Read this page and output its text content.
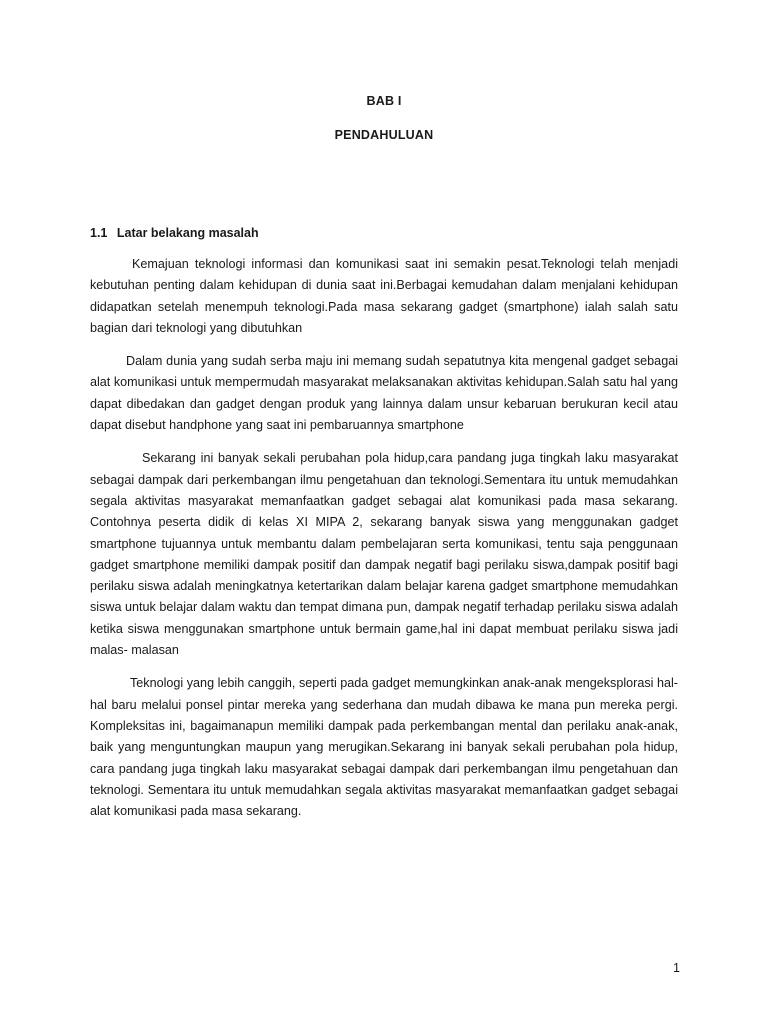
BAB I
PENDAHULUAN
1.1 Latar belakang masalah

Kemajuan teknologi informasi dan komunikasi saat ini semakin pesat.Teknologi telah menjadi kebutuhan penting dalam kehidupan di dunia saat ini.Berbagai kemudahan dalam menjalani kehidupan didapatkan setelah menempuh teknologi.Pada masa sekarang gadget (smartphone) ialah salah satu bagian dari teknologi yang dibutuhkan

Dalam dunia yang sudah serba maju ini memang sudah sepatutnya kita mengenal gadget sebagai alat komunikasi untuk mempermudah masyarakat melaksanakan aktivitas kehidupan.Salah satu hal yang dapat dibedakan dan gadget dengan produk yang lainnya dalam unsur kebaruan berukuran kecil atau dapat disebut handphone yang saat ini pembaruannya smartphone

Sekarang ini banyak sekali perubahan pola hidup,cara pandang juga tingkah laku masyarakat sebagai dampak dari perkembangan ilmu pengetahuan dan teknologi.Sementara itu untuk memudahkan segala aktivitas masyarakat memanfaatkan gadget sebagai alat komunikasi pada masa sekarang. Contohnya peserta didik di kelas XI MIPA 2, sekarang banyak siswa yang menggunakan gadget smartphone tujuannya untuk membantu dalam pembelajaran serta komunikasi, tentu saja penggunaan gadget smartphone memiliki dampak positif dan dampak negatif bagi perilaku siswa,dampak positif bagi perilaku siswa adalah meningkatnya ketertarikan dalam belajar karena gadget smartphone memudahkan siswa untuk belajar dalam waktu dan tempat dimana pun, dampak negatif terhadap perilaku siswa adalah ketika siswa menggunakan smartphone untuk bermain game,hal ini dapat membuat perilaku siswa jadi malas- malasan

Teknologi yang lebih canggih, seperti pada gadget memungkinkan anak-anak mengeksplorasi hal-hal baru melalui ponsel pintar mereka yang sederhana dan mudah dibawa ke mana pun mereka pergi. Kompleksitas ini, bagaimanapun memiliki dampak pada perkembangan mental dan perilaku anak-anak, baik yang menguntungkan maupun yang merugikan.Sekarang ini banyak sekali perubahan pola hidup, cara pandang juga tingkah laku masyarakat sebagai dampak dari perkembangan ilmu pengetahuan dan teknologi. Sementara itu untuk memudahkan segala aktivitas masyarakat memanfaatkan gadget sebagai alat komunikasi pada masa sekarang.

1
